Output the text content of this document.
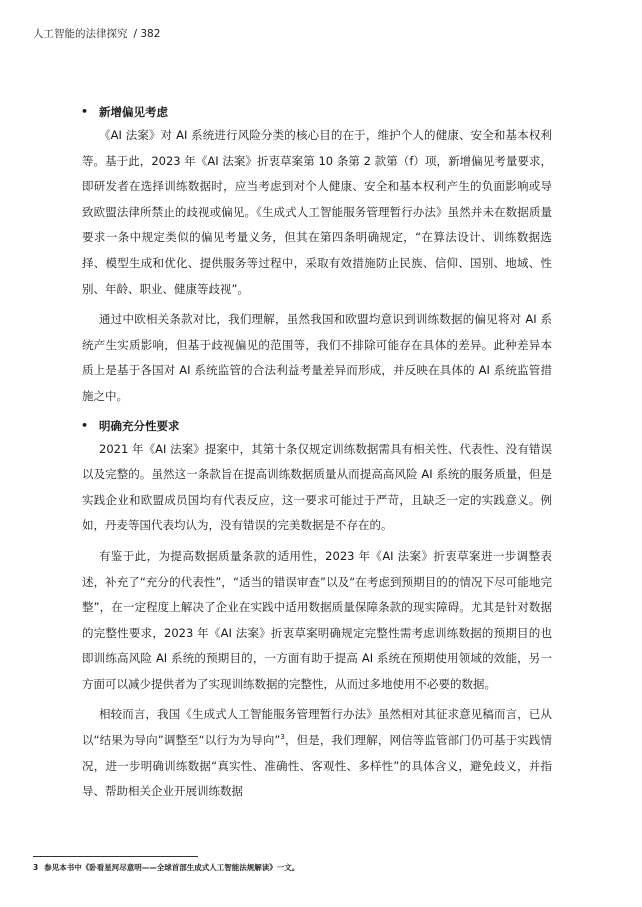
人工智能的法律探究 / 382
• 新增偏见考虑

《AI 法案》对 AI 系统进行风险分类的核心目的在于，维护个人的健康、安全和基本权利等。基于此，2023 年《AI 法案》折衷草案第 10 条第 2 款第（f）项，新增偏见考量要求，即研发者在选择训练数据时，应当考虑到对个人健康、安全和基本权利产生的负面影响或导致欧盟法律所禁止的歧视或偏见。《生成式人工智能服务管理暂行办法》虽然并未在数据质量要求一条中规定类似的偏见考量义务，但其在第四条明确规定，“在算法设计、训练数据选择、模型生成和优化、提供服务等过程中，采取有效措施防止民族、信仰、国别、地域、性别、年龄、职业、健康等歧视”。

通过中欧相关条款对比，我们理解，虽然我国和欧盟均意识到训练数据的偏见将对 AI 系统产生实质影响，但基于歧视偏见的范围等，我们不排除可能存在具体的差异。此种差异本质上是基于各国对 AI 系统监管的合法利益考量差异而形成，并反映在具体的 AI 系统监管措施之中。

• 明确充分性要求

2021 年《AI 法案》提案中，其第十条仅规定训练数据需具有相关性、代表性、没有错误以及完整的。虽然这一条款旨在提高训练数据质量从而提高高风险 AI 系统的服务质量，但是实践企业和欧盟成员国均有代表反应，这一要求可能过于严苛，且缺乏一定的实践意义。例如，丹麦等国代表均认为，没有错误的完美数据是不存在的。

有鉴于此，为提高数据质量条款的适用性，2023 年《AI 法案》折衷草案进一步调整表述，补充了“充分的代表性”，“适当的错误审查”以及“在考虑到预期目的的情况下尽可能地完整”，在一定程度上解决了企业在实践中适用数据质量保障条款的现实障碍。尤其是针对数据的完整性要求，2023 年《AI 法案》折衷草案明确规定完整性需考虑训练数据的预期目的也即训练高风险 AI 系统的预期目的，一方面有助于提高 AI 系统在预期使用领域的效能，另一方面可以减少提供者为了实现训练数据的完整性，从而过多地使用不必要的数据。

相较而言，我国《生成式人工智能服务管理暂行办法》虽然相对其征求意见稿而言，已从以“结果为导向”调整至“以行为为导向”$^3$，但是，我们理解，网信等监管部门仍可基于实践情况，进一步明确训练数据“真实性、准确性、客观性、多样性”的具体含义，避免歧义，并指导、帮助相关企业开展训练数据

3 参见本书中《卧看星河尽意明——全球首部生成式人工智能法规解读》一文。
